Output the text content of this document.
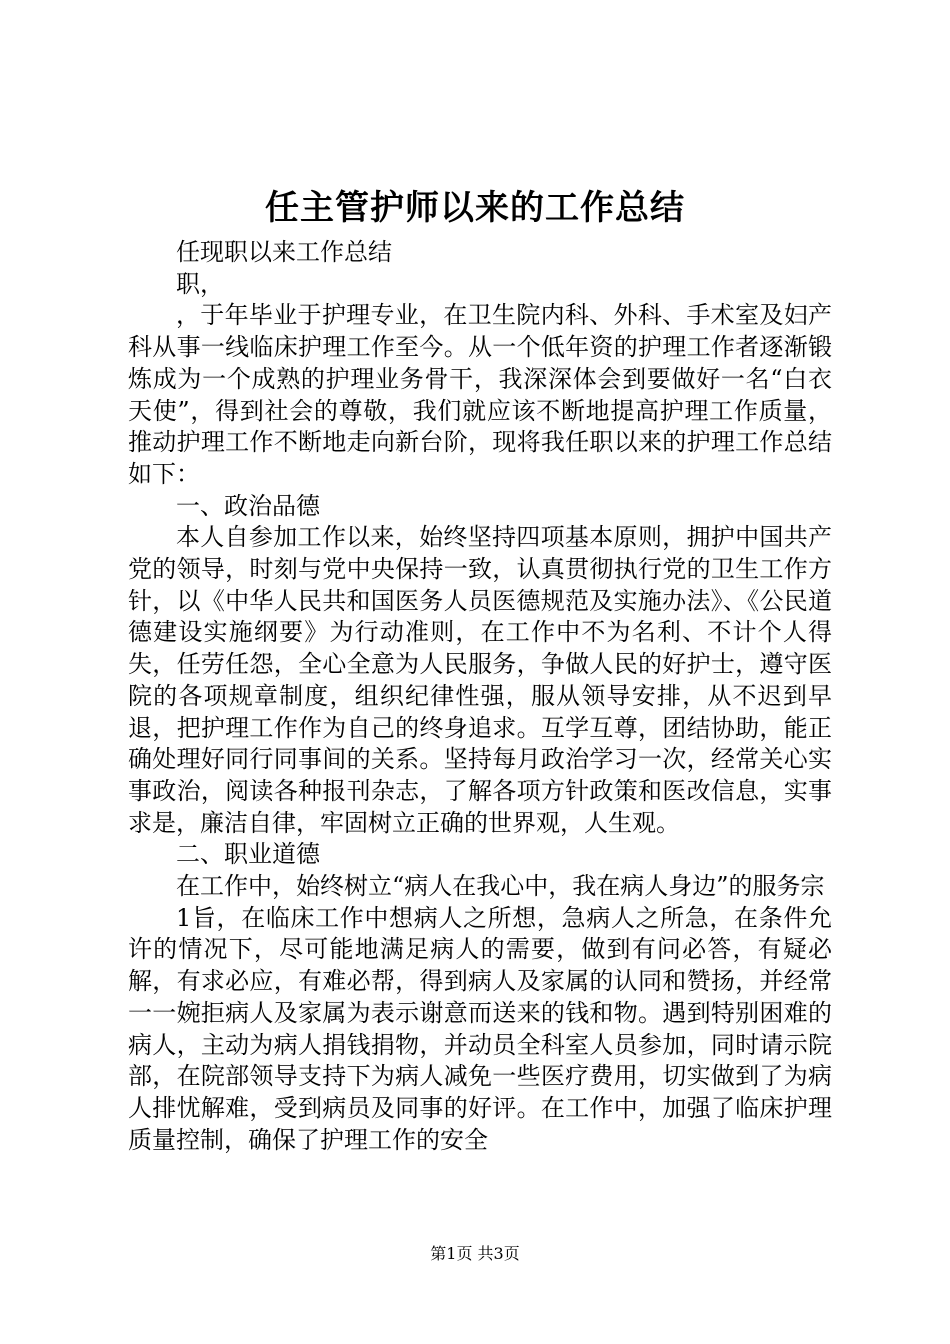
任主管护师以来的工作总结

任现职以来工作总结

职，

，于年毕业于护理专业，在卫生院内科、外科、手术室及妇产科从事一线临床护理工作至今。从一个低年资的护理工作者逐渐锻炼成为一个成熟的护理业务骨干，我深深体会到要做好一名“白衣天使”，得到社会的尊敬，我们就应该不断地提高护理工作质量，推动护理工作不断地走向新台阶，现将我任职以来的护理工作总结如下：

一、政治品德

本人自参加工作以来，始终坚持四项基本原则，拥护中国共产党的领导，时刻与党中央保持一致，认真贯彻执行党的卫生工作方针，以《中华人民共和国医务人员医德规范及实施办法》、《公民道德建设实施纲要》为行动准则，在工作中不为名利、不计个人得失，任劳任怨，全心全意为人民服务，争做人民的好护士，遵守医院的各项规章制度，组织纪律性强，服从领导安排，从不迟到早退，把护理工作作为自己的终身追求。互学互尊，团结协助，能正确处理好同行同事间的关系。坚持每月政治学习一次，经常关心实事政治，阅读各种报刊杂志，了解各项方针政策和医改信息，实事求是，廉洁自律，牢固树立正确的世界观，人生观。

二、职业道德

在工作中，始终树立“病人在我心中，我在病人身边”的服务宗

1旨，在临床工作中想病人之所想，急病人之所急，在条件允许的情况下，尽可能地满足病人的需要，做到有问必答，有疑必解，有求必应，有难必帮，得到病人及家属的认同和赞扬，并经常一一婉拒病人及家属为表示谢意而送来的钱和物。遇到特别困难的病人，主动为病人捐钱捐物，并动员全科室人员参加，同时请示院部，在院部领导支持下为病人减免一些医疗费用，切实做到了为病人排忧解难，受到病员及同事的好评。在工作中，加强了临床护理质量控制，确保了护理工作的安全

第1页 共3页
